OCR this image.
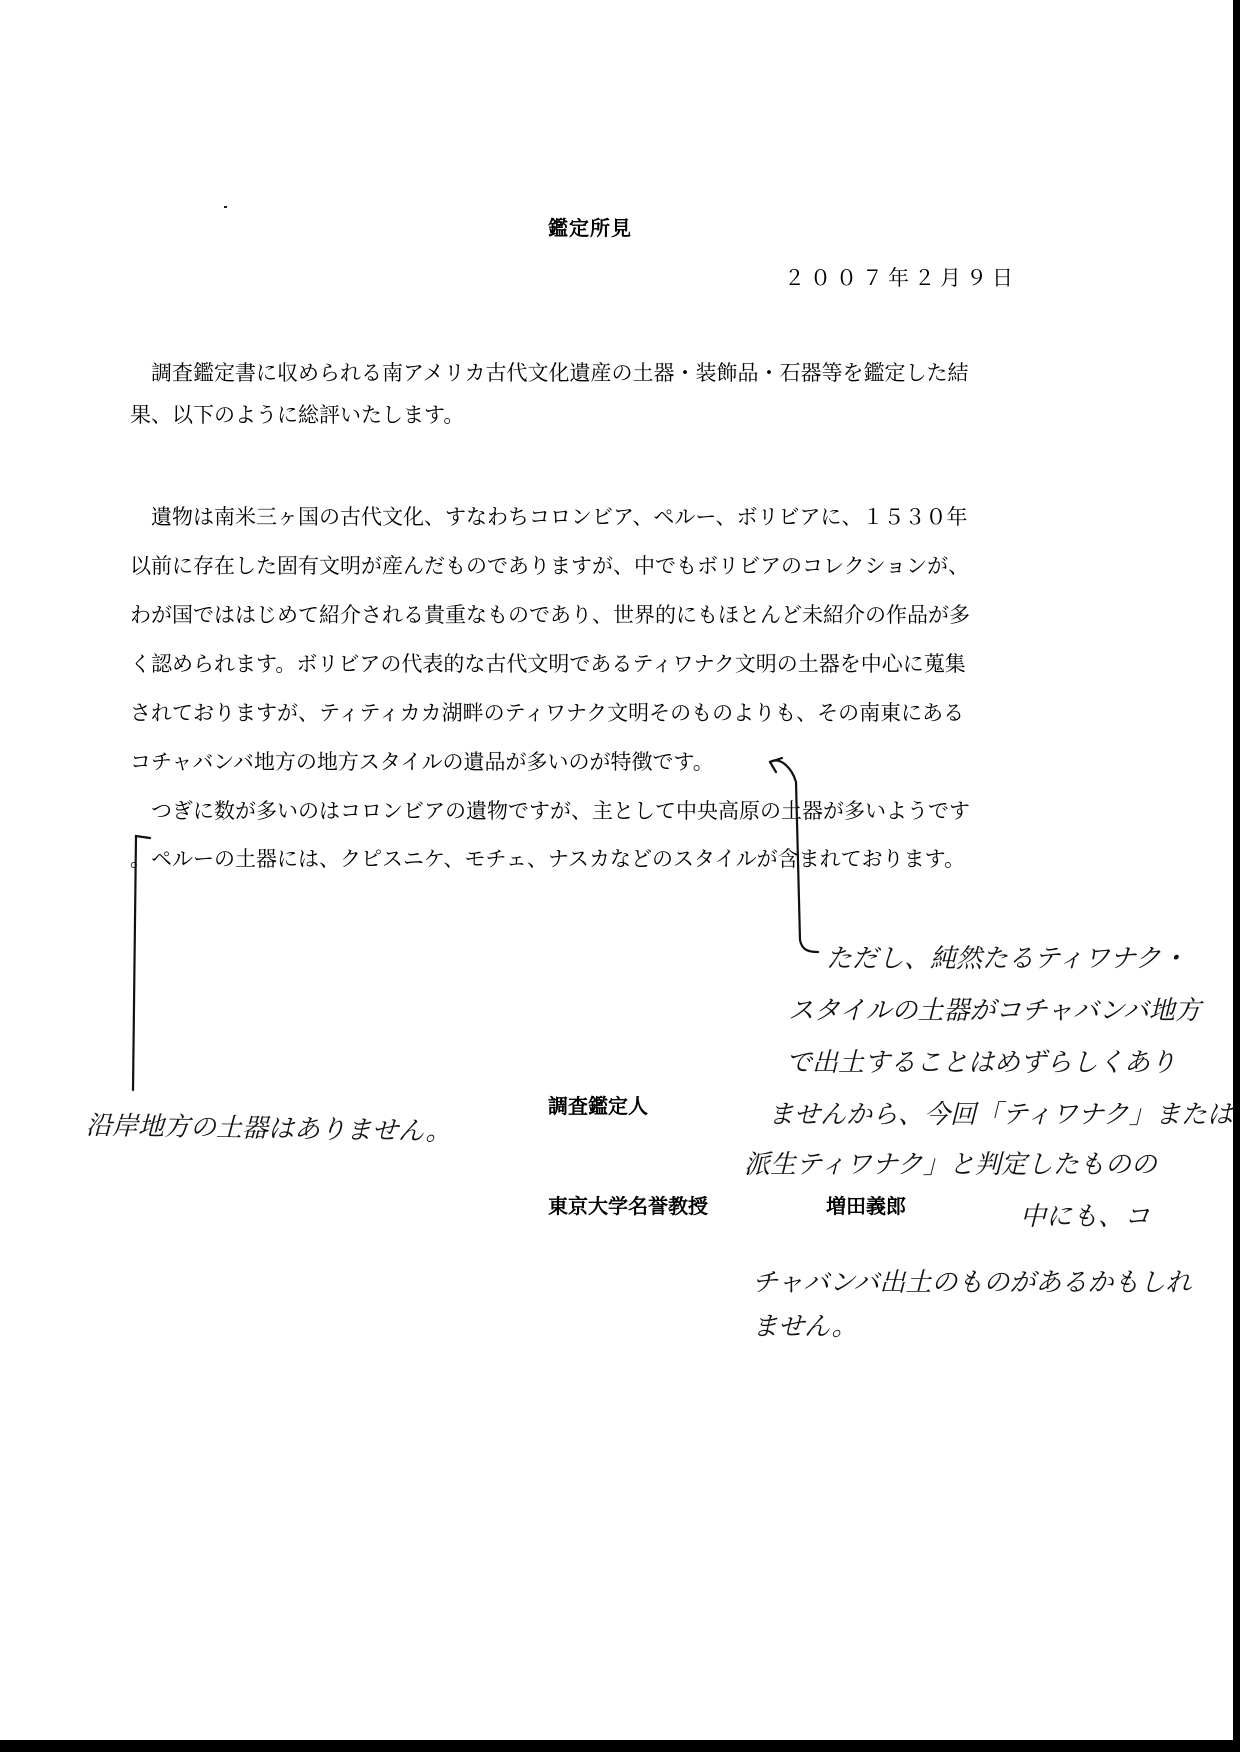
鑑定所見
２００７年２月９日
　調査鑑定書に収められる南アメリカ古代文化遺産の土器・装飾品・石器等を鑑定した結
果、以下のように総評いたします。
　遺物は南米三ヶ国の古代文化、すなわちコロンビア、ペルー、ボリビアに、１５３０年
以前に存在した固有文明が産んだものでありますが、中でもボリビアのコレクションが、
わが国でははじめて紹介される貴重なものであり、世界的にもほとんど未紹介の作品が多
く認められます。ボリビアの代表的な古代文明であるティワナク文明の土器を中心に蒐集
されておりますが、ティティカカ湖畔のティワナク文明そのものよりも、その南東にある
コチャバンバ地方の地方スタイルの遺品が多いのが特徴です。
　つぎに数が多いのはコロンビアの遺物ですが、主として中央高原の土器が多いようです
。ペルーの土器には、クピスニケ、モチェ、ナスカなどのスタイルが含まれております。
調査鑑定人
東京大学名誉教授	増田義郎
沿岸地方の土器はありません。
ただし、純然たるティワナク・
スタイルの土器がコチャバンバ地方
で出土することはめずらしくあり
ませんから、今回「ティワナク」または
派生ティワナク」と判定したものの
中にも、コ
チャバンバ出土のものがあるかもしれ
ません。
